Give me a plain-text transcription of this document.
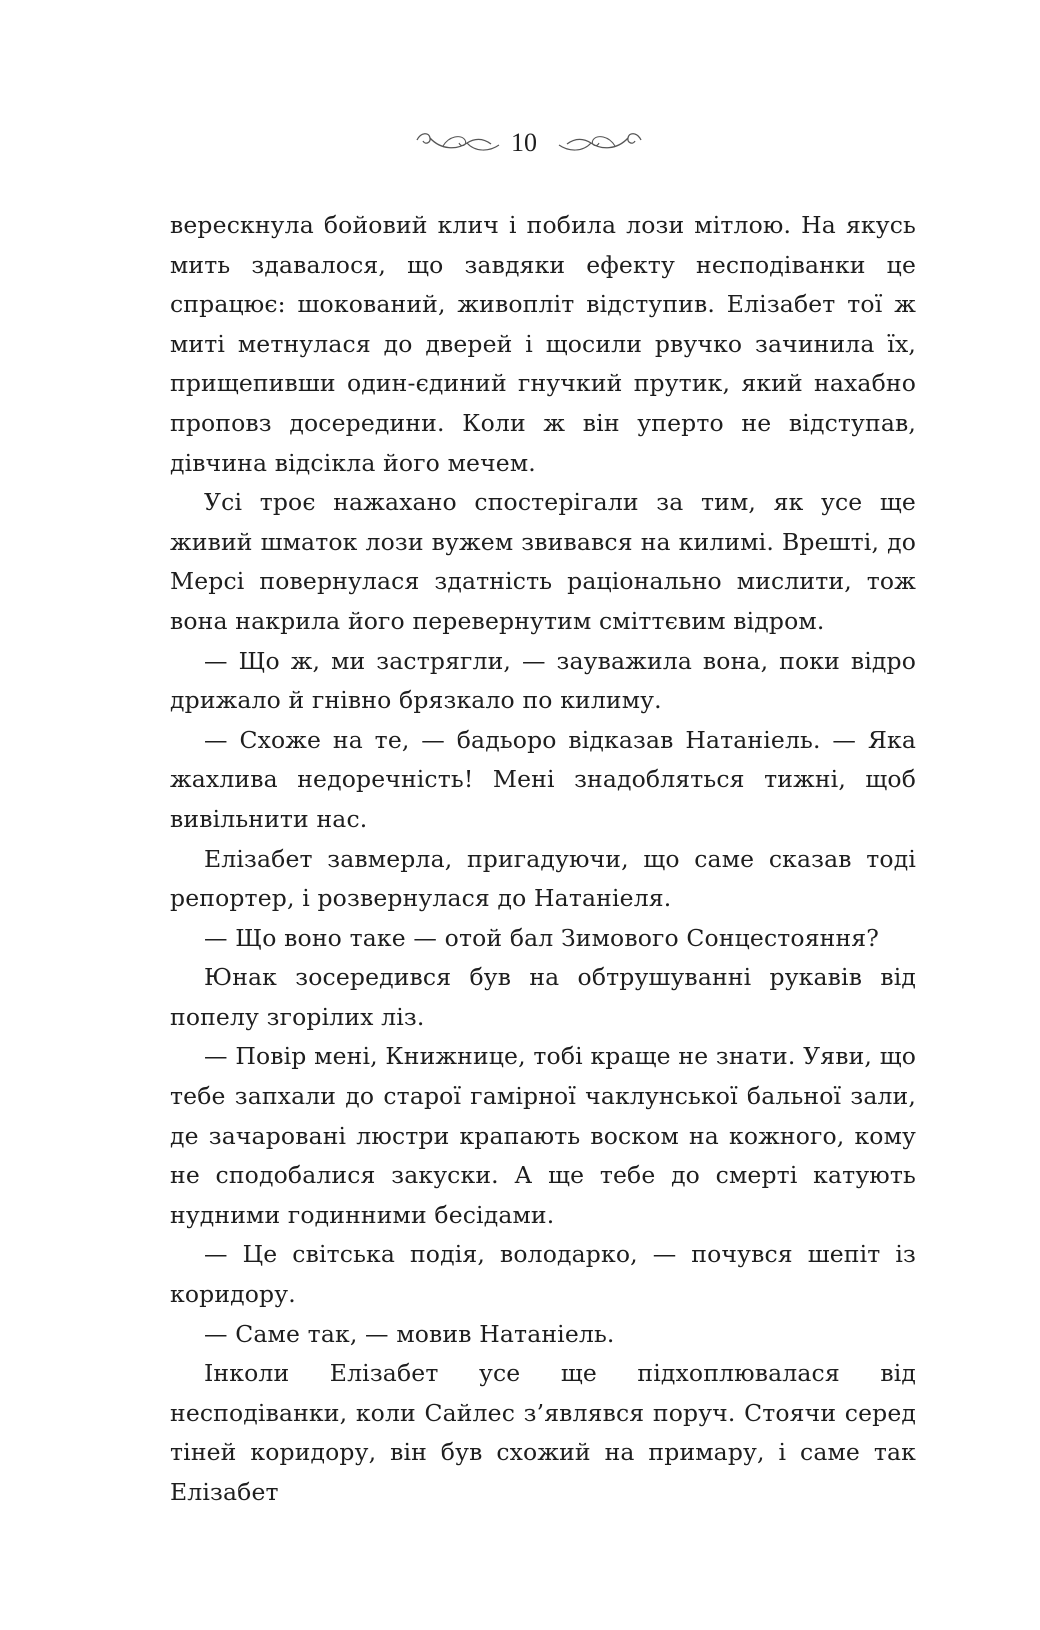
10

верескнула бойовий клич і побила лози мітлою. На якусь мить здавалося, що завдяки ефекту несподіванки це спрацює: шокований, живопліт відступив. Елізабет тої ж миті метнулася до дверей і щосили рвучко зачинила їх, прищепивши один-єдиний гнучкий прутик, який нахабно проповз досередини. Коли ж він уперто не відступав, дівчина відсікла його мечем.

Усі троє нажахано спостерігали за тим, як усе ще живий шматок лози вужем звивався на килимі. Врешті, до Мерсі повернулася здатність раціонально мислити, тож вона накрила його перевернутим сміттєвим відром.

— Що ж, ми застрягли, — зауважила вона, поки відро дрижало й гнівно брязкало по килиму.

— Схоже на те, — бадьоро відказав Натаніель. — Яка жахлива недоречність! Мені знадобляться тижні, щоб вивільнити нас.

Елізабет завмерла, пригадуючи, що саме сказав тоді репортер, і розвернулася до Натаніеля.

— Що воно таке — отой бал Зимового Сонцестояння?

Юнак зосередився був на обтрушуванні рукавів від попелу згорілих ліз.

— Повір мені, Книжнице, тобі краще не знати. Уяви, що тебе запхали до старої гамірної чаклунської бальної зали, де зачаровані люстри крапають воском на кожного, кому не сподобалися закуски. А ще тебе до смерті катують нудними годинними бесідами.

— Це світська подія, володарко, — почувся шепіт із коридору.

— Саме так, — мовив Натаніель.

Інколи Елізабет усе ще підхоплювалася від несподіванки, коли Сайлес з’являвся поруч. Стоячи серед тіней коридору, він був схожий на примару, і саме так Елізабет
